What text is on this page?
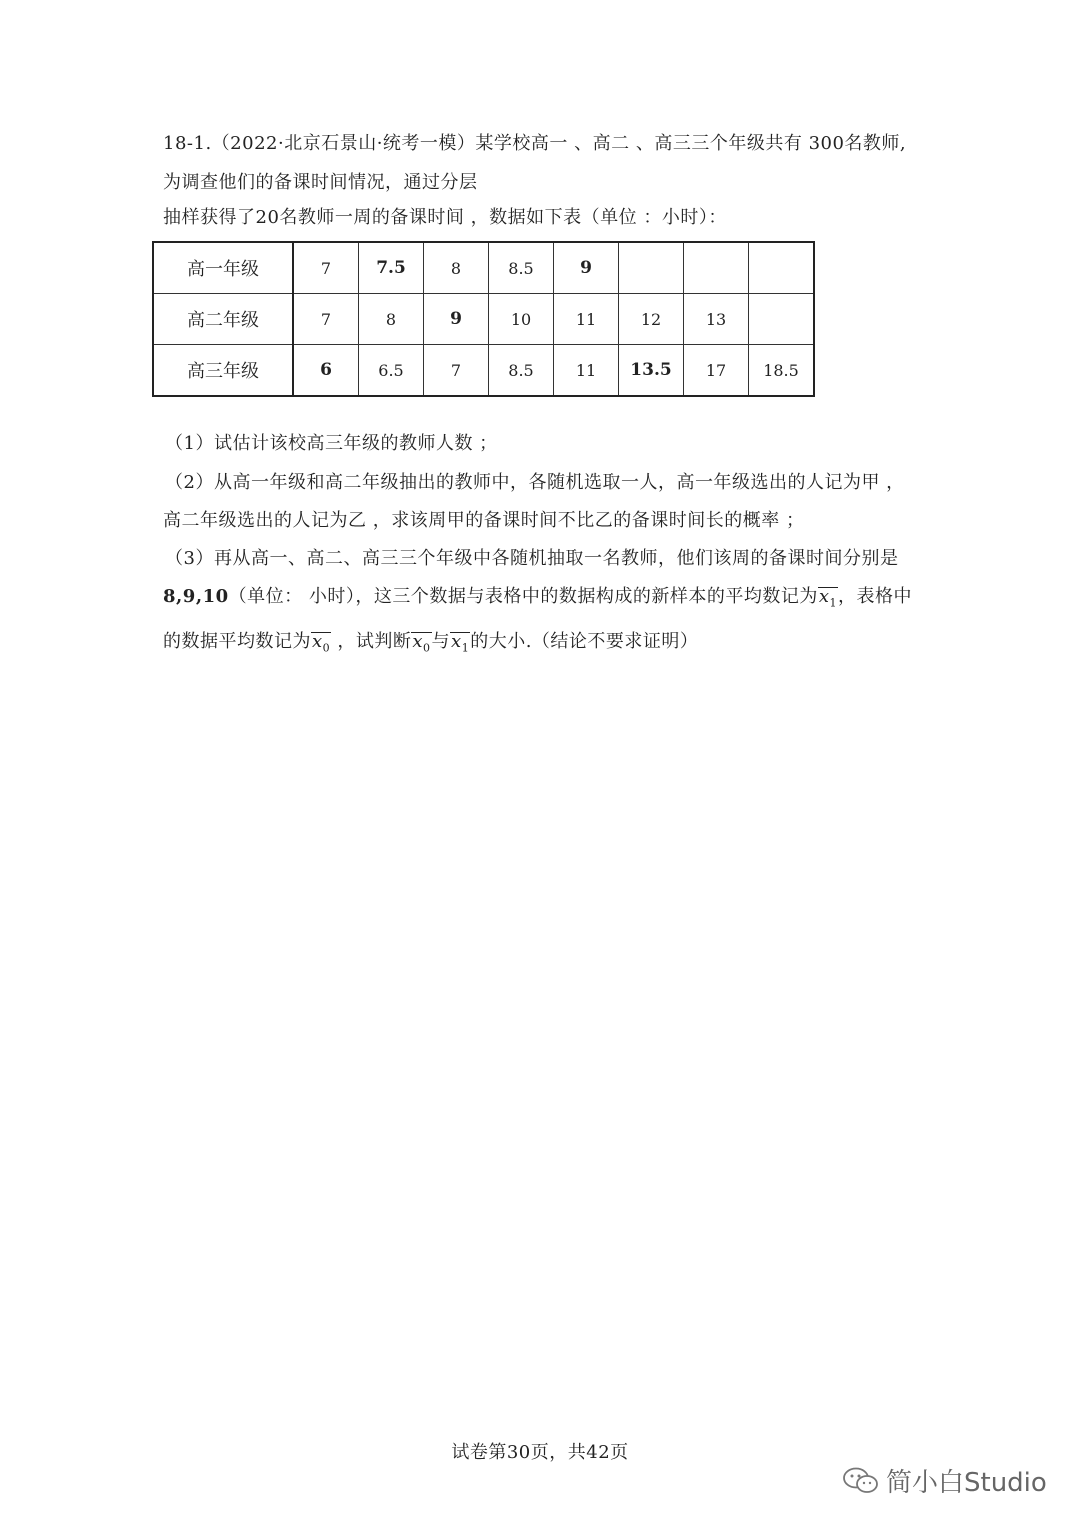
18-1.（2022·北京石景山·统考一模）某学校高一 、高二 、高三三个年级共有 300名教师,
为调查他们的备课时间情况，通过分层
抽样获得了20名教师一周的备课时间 ，数据如下表（单位 ：小时）：
高一年级	7	7.5	8	8.5	9			
高二年级	7	8	9	10	11	12	13	
高三年级	6	6.5	7	8.5	11	13.5	17	18.5
（1）试估计该校高三年级的教师人数 ；
（2）从高一年级和高二年级抽出的教师中，各随机选取一人，高一年级选出的人记为甲 ，
高二年级选出的人记为乙 ，求该周甲的备课时间不比乙的备课时间长的概率 ；
（3）再从高一、高二、高三三个年级中各随机抽取一名教师，他们该周的备课时间分别是
8,9,10（单位： 小时），这三个数据与表格中的数据构成的新样本的平均数记为$x_1$，表格中
的数据平均数记为$x_0$ ，试判断$x_0$与$x_1$的大小.（结论不要求证明）
试卷第30页，共42页
简小白Studio
